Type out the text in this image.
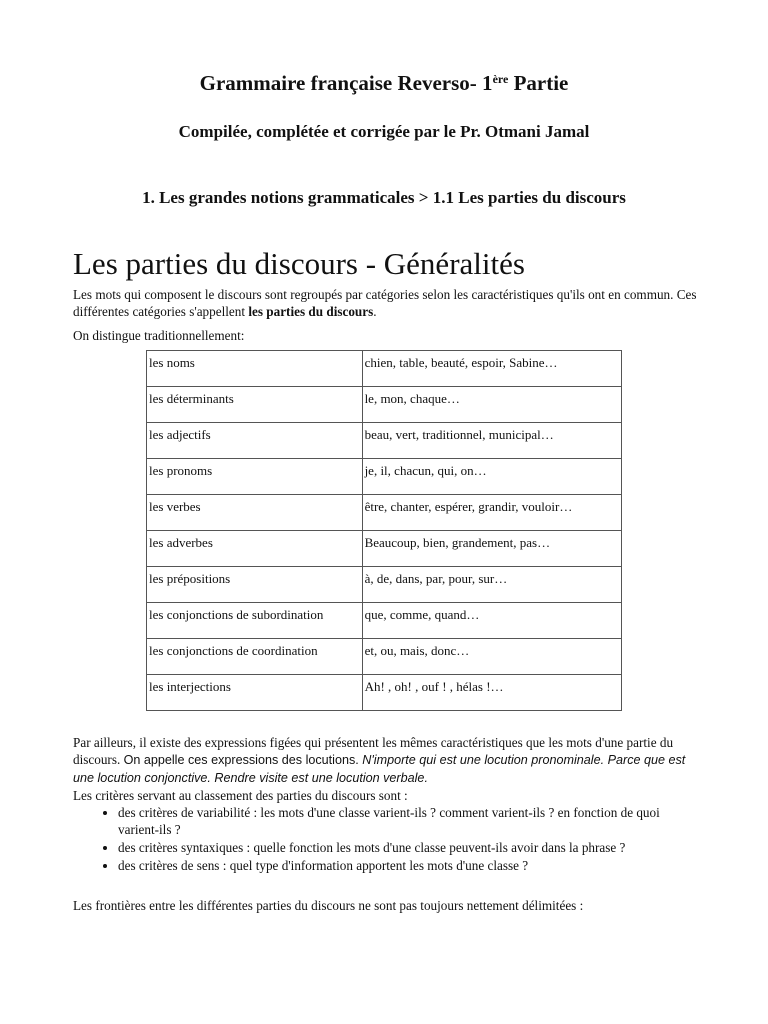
Grammaire française Reverso- 1ère Partie
Compilée, complétée et corrigée par le Pr. Otmani Jamal
1. Les grandes notions grammaticales > 1.1 Les parties du discours
Les parties du discours - Généralités

Les mots qui composent le discours sont regroupés par catégories selon les caractéristiques qu'ils ont en commun. Ces différentes catégories s'appellent les parties du discours.

On distingue traditionnellement:

les noms	chien, table, beauté, espoir, Sabine…
les déterminants	le, mon, chaque…
les adjectifs	beau, vert, traditionnel, municipal…
les pronoms	je, il, chacun, qui, on…
les verbes	être, chanter, espérer, grandir, vouloir…
les adverbes	Beaucoup, bien, grandement, pas…
les prépositions	à, de, dans, par, pour, sur…
les conjonctions de subordination	que, comme, quand…
les conjonctions de coordination	et, ou, mais, donc…
les interjections	Ah! , oh! , ouf ! , hélas !…

Par ailleurs, il existe des expressions figées qui présentent les mêmes caractéristiques que les mots d'une partie du discours. On appelle ces expressions des locutions. N'importe qui est une locution pronominale. Parce que est une locution conjonctive. Rendre visite est une locution verbale.
Les critères servant au classement des parties du discours sont :

• des critères de variabilité : les mots d'une classe varient-ils ? comment varient-ils ? en fonction de quoi varient-ils ?
• des critères syntaxiques : quelle fonction les mots d'une classe peuvent-ils avoir dans la phrase ?
• des critères de sens : quel type d'information apportent les mots d'une classe ?

Les frontières entre les différentes parties du discours ne sont pas toujours nettement délimitées :
